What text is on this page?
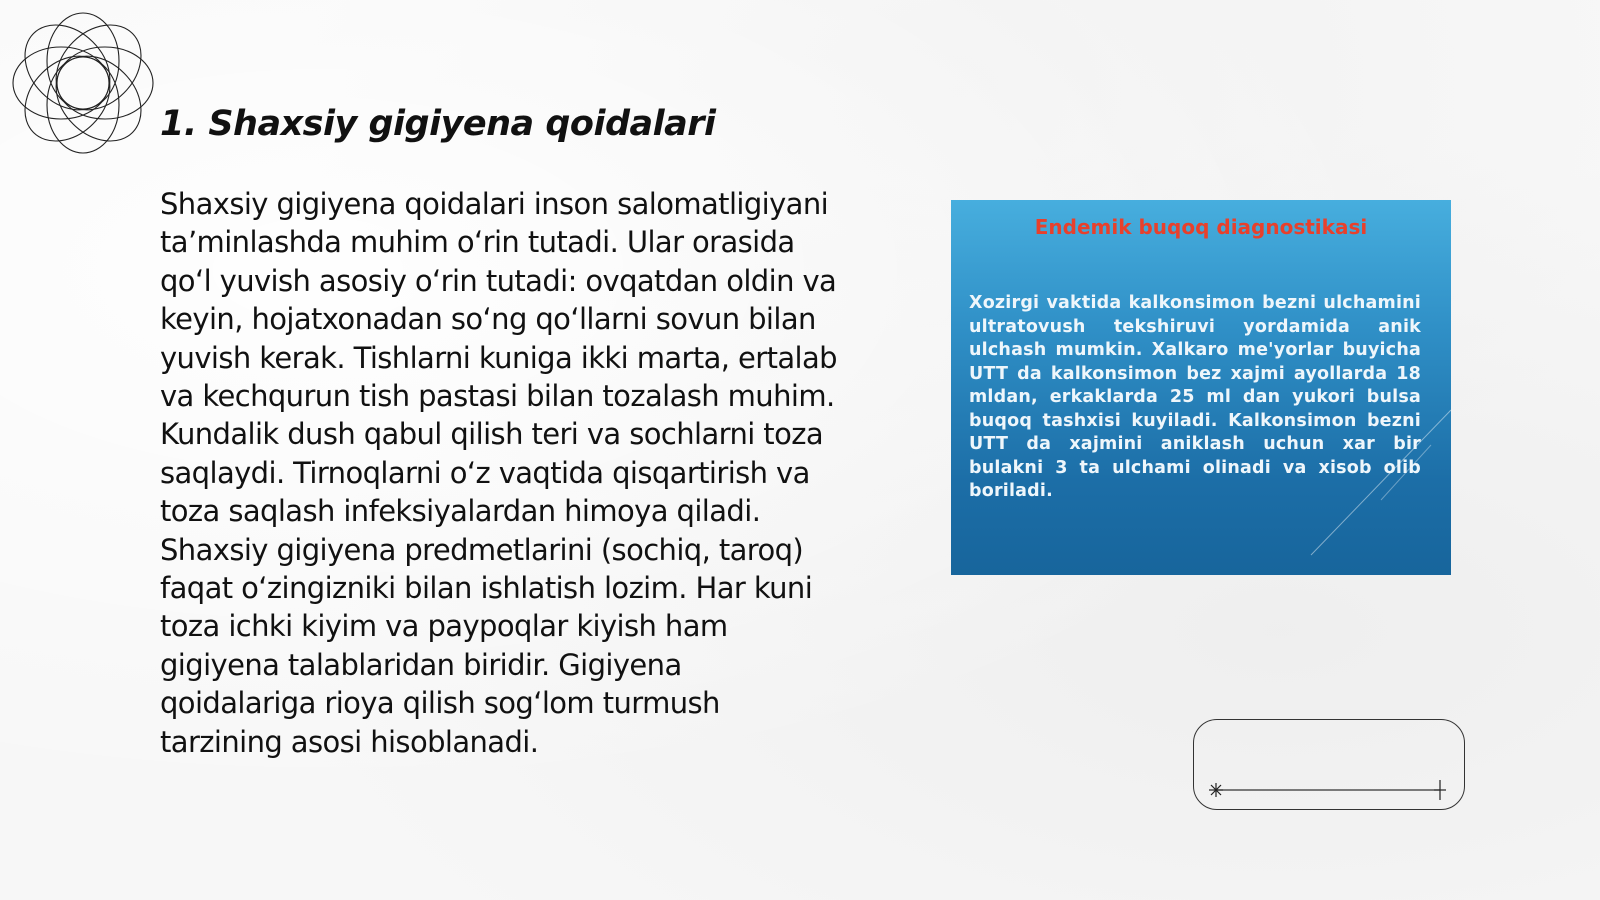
1. Shaxsiy gigiyena qoidalari

Shaxsiy gigiyena qoidalari inson salomatligiyani ta’minlashda muhim o‘rin tutadi. Ular orasida qo‘l yuvish asosiy o‘rin tutadi: ovqatdan oldin va keyin, hojatxonadan so‘ng qo‘llarni sovun bilan yuvish kerak. Tishlarni kuniga ikki marta, ertalab va kechqurun tish pastasi bilan tozalash muhim. Kundalik dush qabul qilish teri va sochlarni toza saqlaydi. Tirnoqlarni o‘z vaqtida qisqartirish va toza saqlash infeksiyalardan himoya qiladi. Shaxsiy gigiyena predmetlarini (sochiq, taroq) faqat o‘zingizniki bilan ishlatish lozim. Har kuni toza ichki kiyim va paypoqlar kiyish ham gigiyena talablaridan biridir. Gigiyena qoidalariga rioya qilish sog‘lom turmush tarzining asosi hisoblanadi.

Endemik buqoq diagnostikasi

Xozirgi vaktida kalkonsimon bezni ulchamini ultratovush tekshiruvi yordamida anik ulchash mumkin. Xalkaro me'yorlar buyicha UTT da kalkonsimon bez xajmi ayollarda 18 mldan, erkaklarda 25 ml dan yukori bulsa buqoq tashxisi kuyiladi. Kalkonsimon bezni UTT da xajmini aniklash uchun xar bir bulakni 3 ta ulchami olinadi va xisob olib boriladi.
